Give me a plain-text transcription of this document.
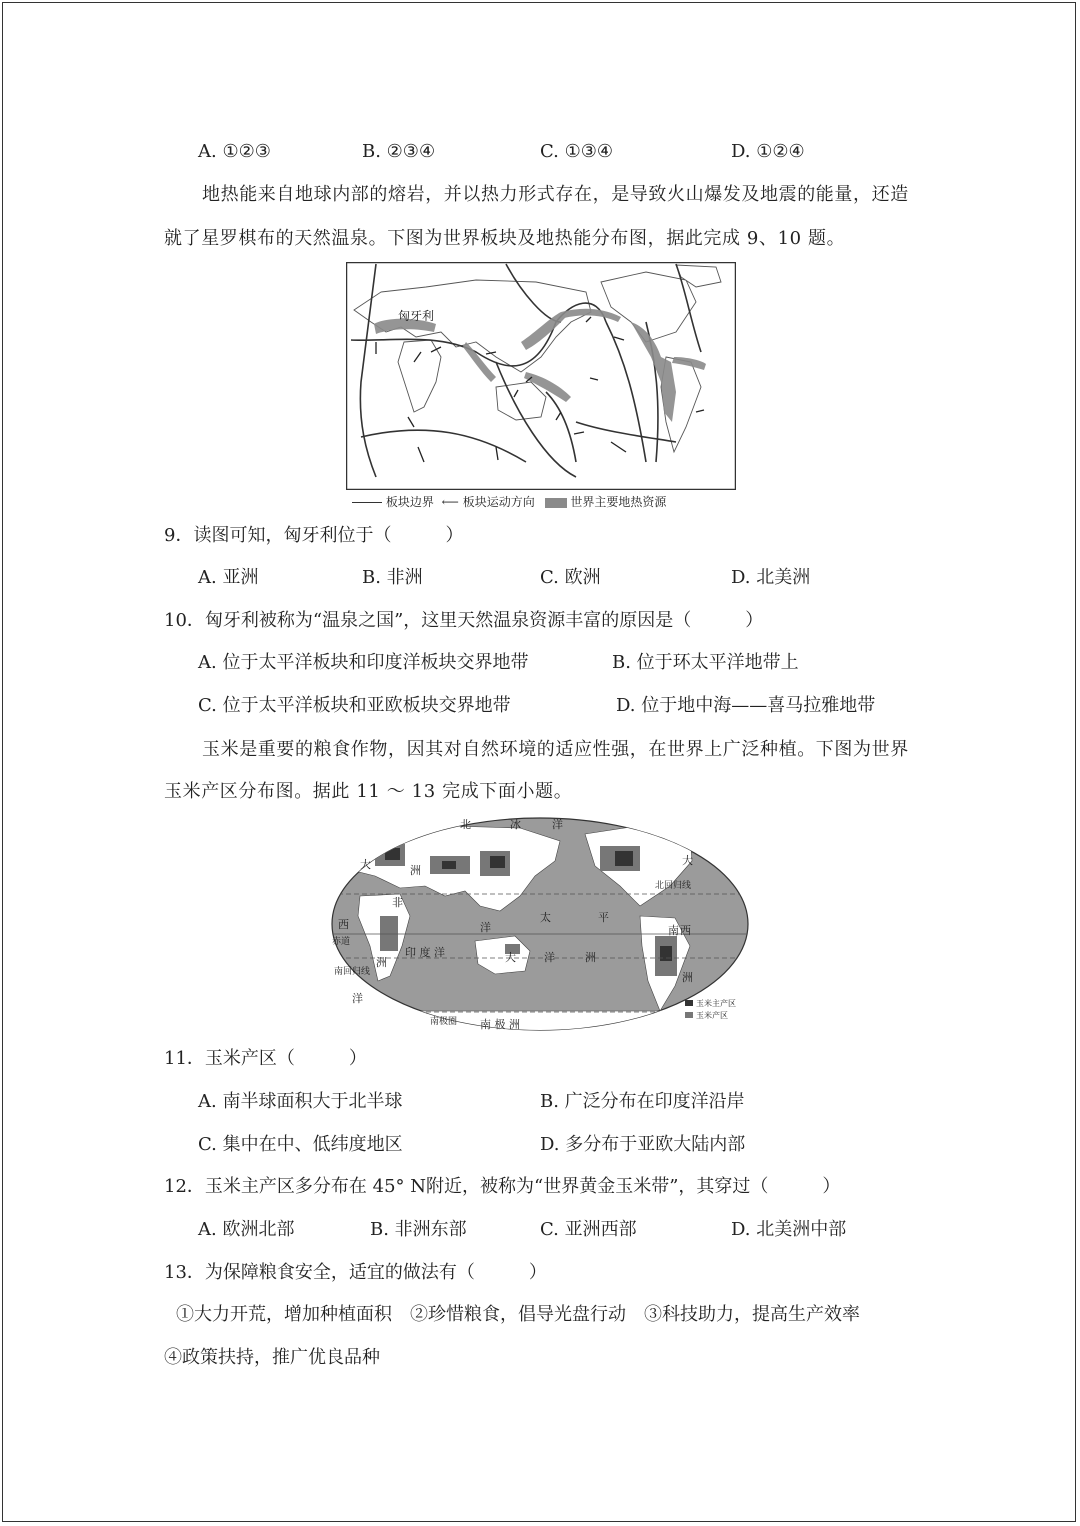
A. ①②③	B. ②③④	C. ①③④	D. ①②④
地热能来自地球内部的熔岩，并以热力形式存在，是导致火山爆发及地震的能量，还造
就了星罗棋布的天然温泉。下图为世界板块及地热能分布图，据此完成 9、10 题。
匈牙利
板块边界 ⟵ 板块运动方向	世界主要地热资源
9．读图可知，匈牙利位于（　　　）
A. 亚洲	B. 非洲	C. 欧洲	D. 北美洲
10．匈牙利被称为“温泉之国”，这里天然温泉资源丰富的原因是（　　　）
A. 位于太平洋板块和印度洋板块交界地带	B. 位于环太平洋地带上
C. 位于太平洋板块和亚欧板块交界地带	D. 位于地中海——喜马拉雅地带
玉米是重要的粮食作物，因其对自然环境的适应性强，在世界上广泛种植。下图为世界
玉米产区分布图。据此 11 ～ 13 完成下面小题。
北	冰	洋
大	洲
非
洲
赤道
西
南回归线
洋
印 度 洋
太	平
洋
大
北回归线
南 西
洲
大	洋	洲
南极圈 南 极 洲
玉米主产区
玉米产区
11．玉米产区（　　　）
A. 南半球面积大于北半球	B. 广泛分布在印度洋沿岸
C. 集中在中、低纬度地区	D. 多分布于亚欧大陆内部
12．玉米主产区多分布在 45° N附近，被称为“世界黄金玉米带”，其穿过（　　　）
A. 欧洲北部	B. 非洲东部	C. 亚洲西部	D. 北美洲中部
13．为保障粮食安全，适宜的做法有（　　　）
①大力开荒，增加种植面积　②珍惜粮食，倡导光盘行动　③科技助力，提高生产效率
④政策扶持，推广优良品种
